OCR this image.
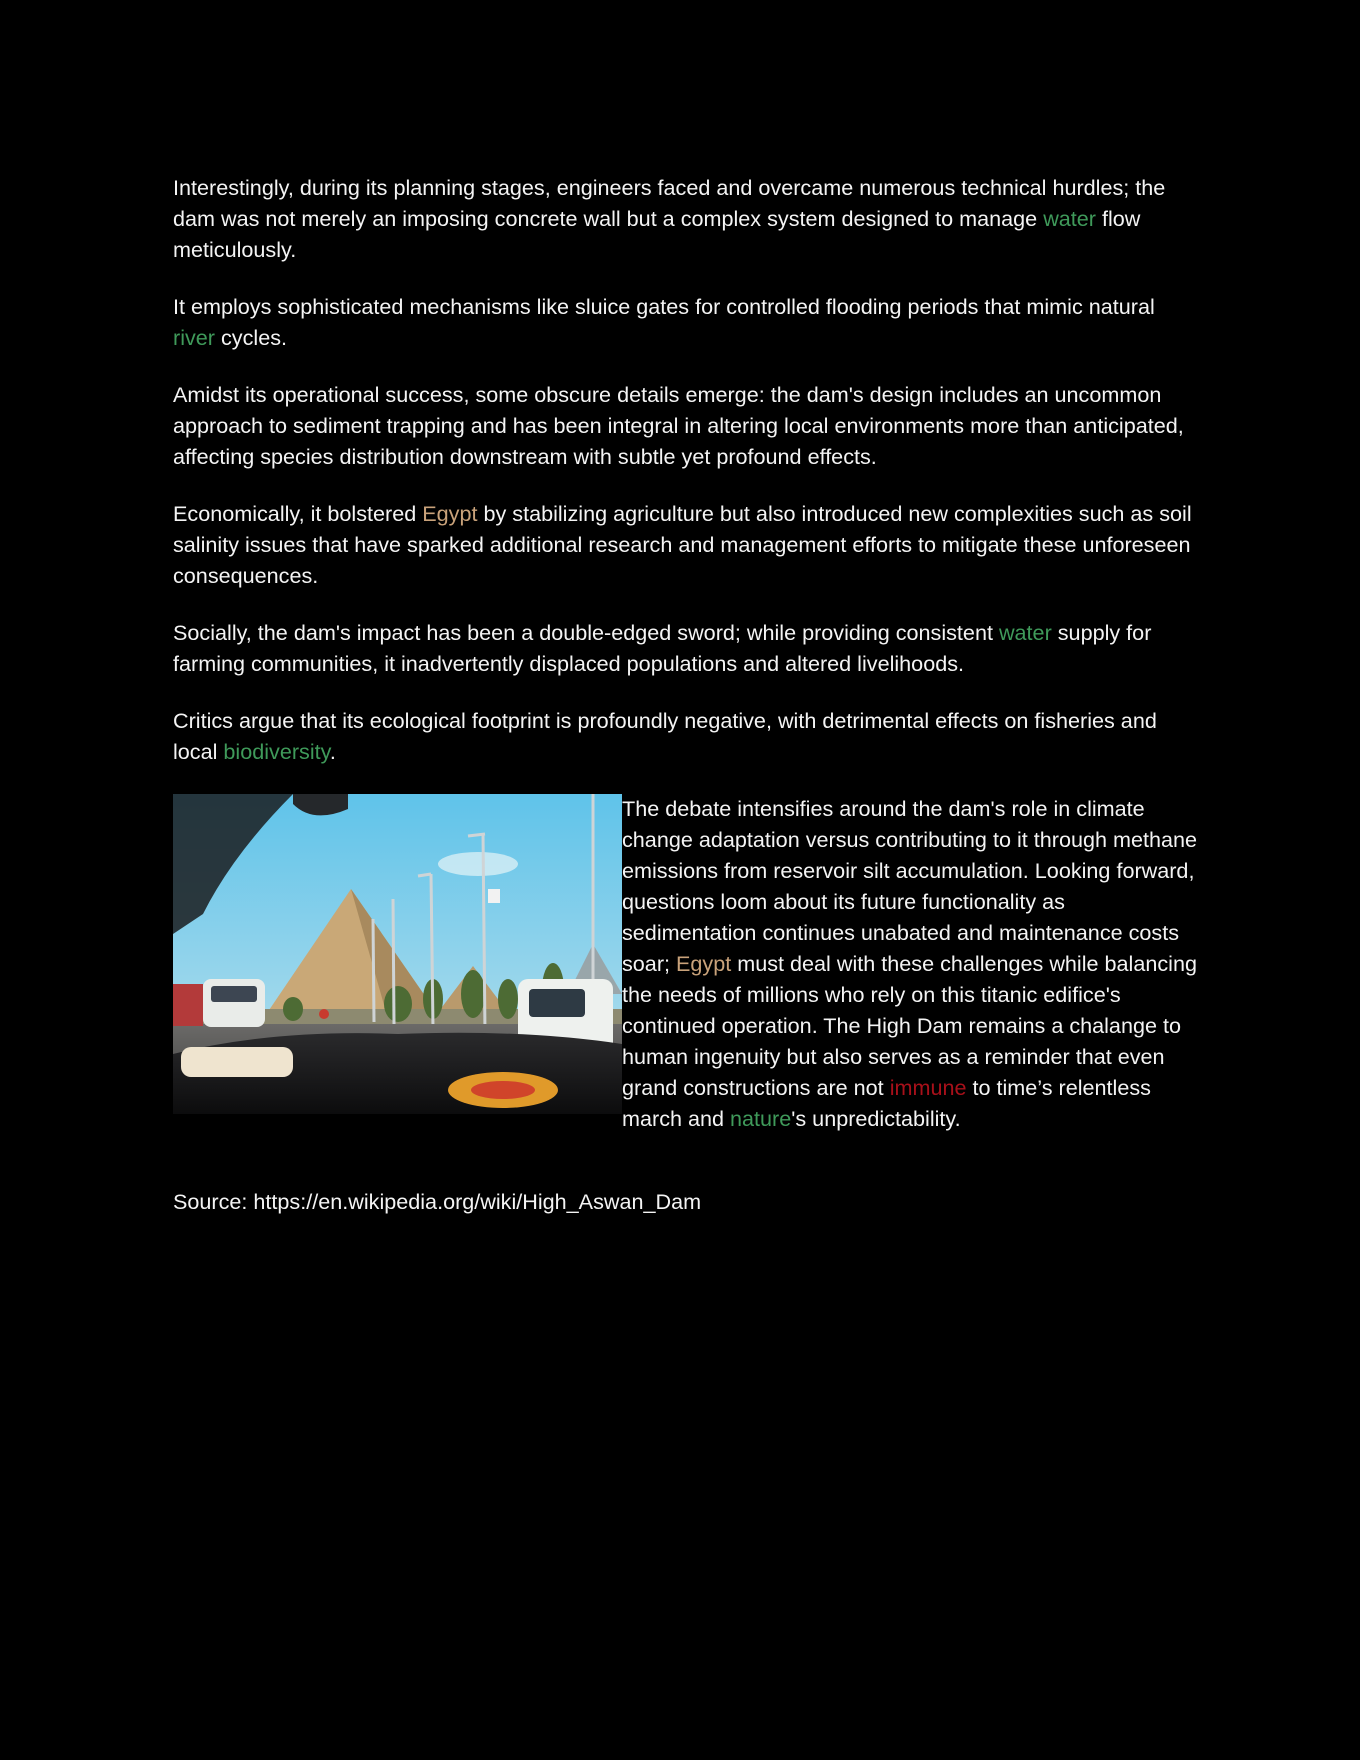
Interestingly, during its planning stages, engineers faced and overcame numerous technical hurdles; the dam was not merely an imposing concrete wall but a complex system designed to manage water flow meticulously.

It employs sophisticated mechanisms like sluice gates for controlled flooding periods that mimic natural river cycles.

Amidst its operational success, some obscure details emerge: the dam's design includes an uncommon approach to sediment trapping and has been integral in altering local environments more than anticipated, affecting species distribution downstream with subtle yet profound effects.

Economically, it bolstered Egypt by stabilizing agriculture but also introduced new complexities such as soil salinity issues that have sparked additional research and management efforts to mitigate these unforeseen consequences.

Socially, the dam's impact has been a double-edged sword; while providing consistent water supply for farming communities, it inadvertently displaced populations and altered livelihoods.

Critics argue that its ecological footprint is profoundly negative, with detrimental effects on fisheries and local biodiversity.

The debate intensifies around the dam's role in climate change adaptation versus contributing to it through methane emissions from reservoir silt accumulation. Looking forward, questions loom about its future functionality as sedimentation continues unabated and maintenance costs soar; Egypt must deal with these challenges while balancing the needs of millions who rely on this titanic edifice's continued operation. The High Dam remains a chalange to human ingenuity but also serves as a reminder that even grand constructions are not immune to time’s relentless march and nature's unpredictability.

Source: https://en.wikipedia.org/wiki/High_Aswan_Dam
